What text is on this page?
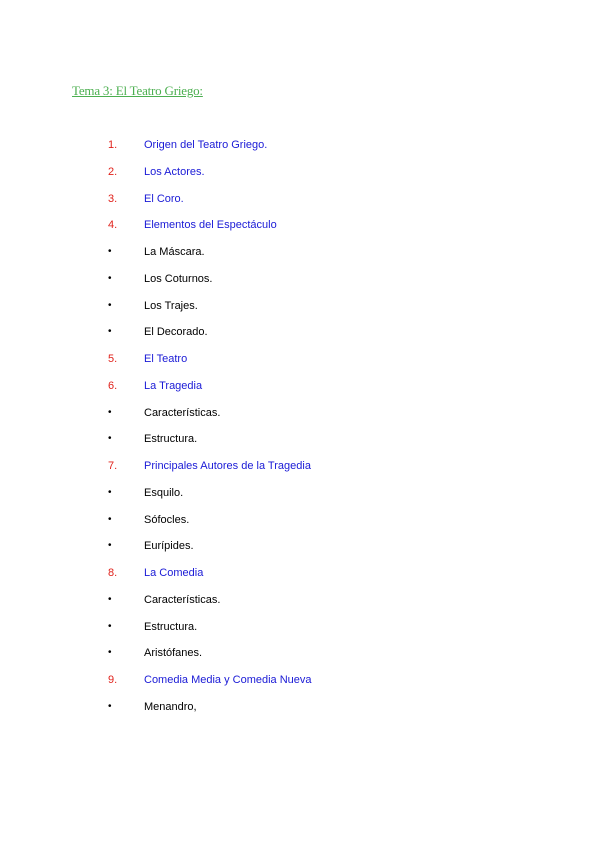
Tema 3: El Teatro Griego:
1. Origen del Teatro Griego.
2. Los Actores.
3. El Coro.
4. Elementos del Espectáculo
•	La Máscara.
•	Los Coturnos.
•	Los Trajes.
•	El Decorado.
5. El Teatro
6. La Tragedia
•	Características.
•	Estructura.
7. Principales Autores de la Tragedia
•	Esquilo.
•	Sófocles.
•	Eurípides.
8. La Comedia
•	Características.
•	Estructura.
•	Aristófanes.
9. Comedia Media y Comedia Nueva
•	Menandro,
